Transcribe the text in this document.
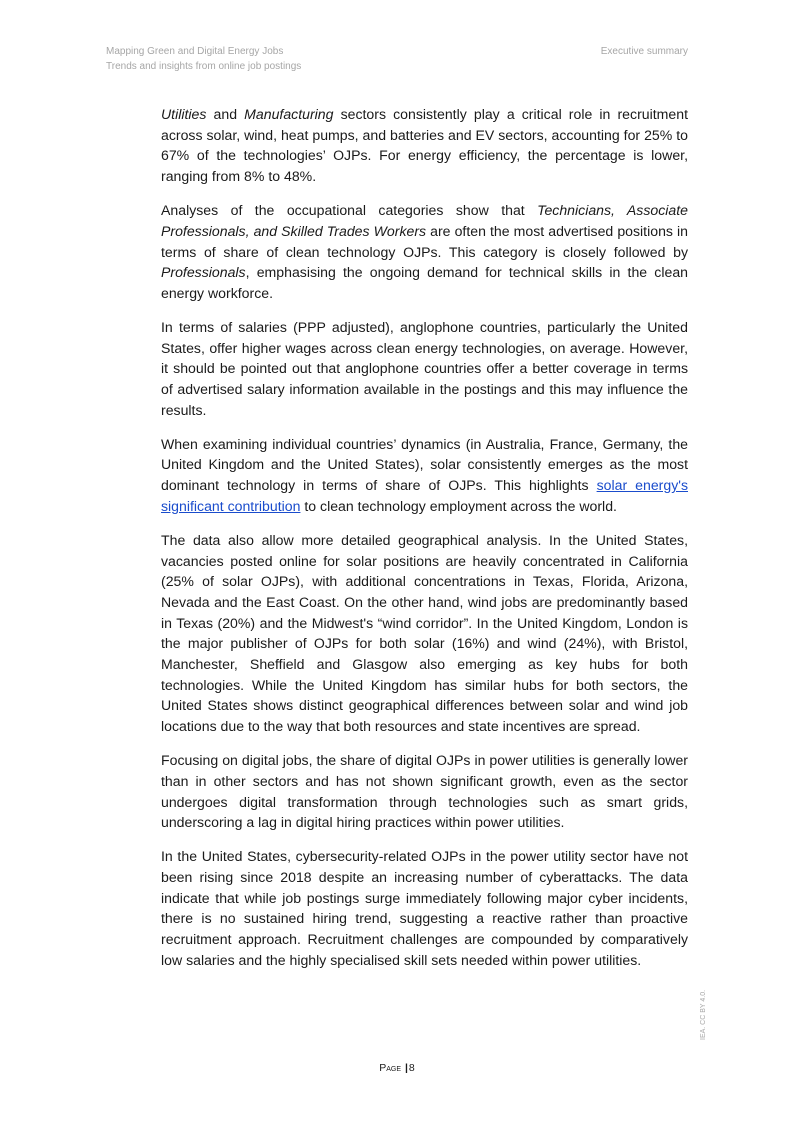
Mapping Green and Digital Energy Jobs
Trends and insights from online job postings
Executive summary

Utilities and Manufacturing sectors consistently play a critical role in recruitment across solar, wind, heat pumps, and batteries and EV sectors, accounting for 25% to 67% of the technologies’ OJPs. For energy efficiency, the percentage is lower, ranging from 8% to 48%.

Analyses of the occupational categories show that Technicians, Associate Professionals, and Skilled Trades Workers are often the most advertised positions in terms of share of clean technology OJPs. This category is closely followed by Professionals, emphasising the ongoing demand for technical skills in the clean energy workforce.

In terms of salaries (PPP adjusted), anglophone countries, particularly the United States, offer higher wages across clean energy technologies, on average. However, it should be pointed out that anglophone countries offer a better coverage in terms of advertised salary information available in the postings and this may influence the results.

When examining individual countries’ dynamics (in Australia, France, Germany, the United Kingdom and the United States), solar consistently emerges as the most dominant technology in terms of share of OJPs. This highlights solar energy's significant contribution to clean technology employment across the world.

The data also allow more detailed geographical analysis. In the United States, vacancies posted online for solar positions are heavily concentrated in California (25% of solar OJPs), with additional concentrations in Texas, Florida, Arizona, Nevada and the East Coast. On the other hand, wind jobs are predominantly based in Texas (20%) and the Midwest's “wind corridor”. In the United Kingdom, London is the major publisher of OJPs for both solar (16%) and wind (24%), with Bristol, Manchester, Sheffield and Glasgow also emerging as key hubs for both technologies. While the United Kingdom has similar hubs for both sectors, the United States shows distinct geographical differences between solar and wind job locations due to the way that both resources and state incentives are spread.

Focusing on digital jobs, the share of digital OJPs in power utilities is generally lower than in other sectors and has not shown significant growth, even as the sector undergoes digital transformation through technologies such as smart grids, underscoring a lag in digital hiring practices within power utilities.

In the United States, cybersecurity-related OJPs in the power utility sector have not been rising since 2018 despite an increasing number of cyberattacks. The data indicate that while job postings surge immediately following major cyber incidents, there is no sustained hiring trend, suggesting a reactive rather than proactive recruitment approach. Recruitment challenges are compounded by comparatively low salaries and the highly specialised skill sets needed within power utilities.

Page |8
IEA. CC BY 4.0.
